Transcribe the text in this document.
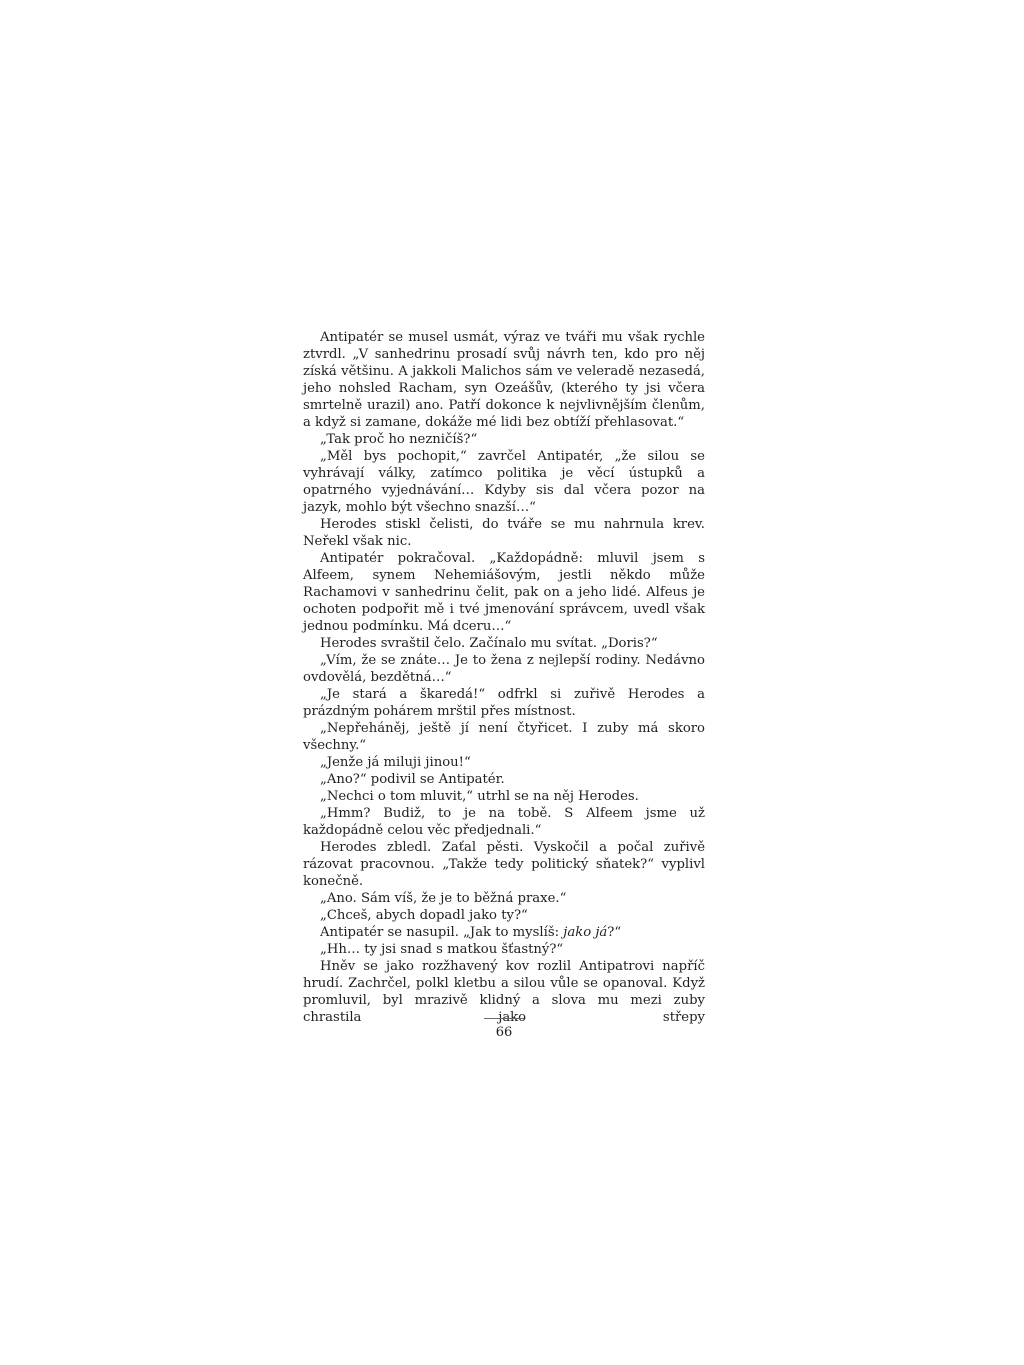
Antipatér se musel usmát, výraz ve tváři mu však rychle ztvrdl. „V sanhedrinu prosadí svůj návrh ten, kdo pro něj získá většinu. A jakkoli Malichos sám ve veleradě nezasedá, jeho nohsled Racham, syn Ozeášův, (kterého ty jsi včera smrtelně urazil) ano. Patří dokonce k nejvlivnějším členům, a když si zamane, dokáže mé lidi bez obtíží přehlasovat.“

„Tak proč ho nezničíš?“

„Měl bys pochopit,“ zavrčel Antipatér, „že silou se vyhrávají války, zatímco politika je věcí ústupků a opatrného vyjednávání… Kdyby sis dal včera pozor na jazyk, mohlo být všechno snazší…“

Herodes stiskl čelisti, do tváře se mu nahrnula krev. Neřekl však nic.

Antipatér pokračoval. „Každopádně: mluvil jsem s Alfeem, synem Nehemiášovým, jestli někdo může Rachamovi v sanhedrinu čelit, pak on a jeho lidé. Alfeus je ochoten podpořit mě i tvé jmenování správcem, uvedl však jednou podmínku. Má dceru…“

Herodes svraštil čelo. Začínalo mu svítat. „Doris?“

„Vím, že se znáte… Je to žena z nejlepší rodiny. Nedávno ovdovělá, bezdětná…“

„Je stará a škaredá!“ odfrkl si zuřivě Herodes a prázdným pohárem mrštil přes místnost.

„Nepřeháněj, ještě jí není čtyřicet. I zuby má skoro všechny.“

„Jenže já miluji jinou!“

„Ano?“ podivil se Antipatér.

„Nechci o tom mluvit,“ utrhl se na něj Herodes.

„Hmm? Budiž, to je na tobě. S Alfeem jsme už každopádně celou věc předjednali.“

Herodes zbledl. Zaťal pěsti. Vyskočil a počal zuřivě rázovat pracovnou. „Takže tedy politický sňatek?“ vyplivl konečně.

„Ano. Sám víš, že je to běžná praxe.“

„Chceš, abych dopadl jako ty?“

Antipatér se nasupil. „Jak to myslíš: jako já?“

„Hh… ty jsi snad s matkou šťastný?“

Hněv se jako rozžhavený kov rozlil Antipatrovi napříč hrudí. Zachrčel, polkl kletbu a silou vůle se opanoval. Když promluvil, byl mrazivě klidný a slova mu mezi zuby chrastila jako střepy

66
